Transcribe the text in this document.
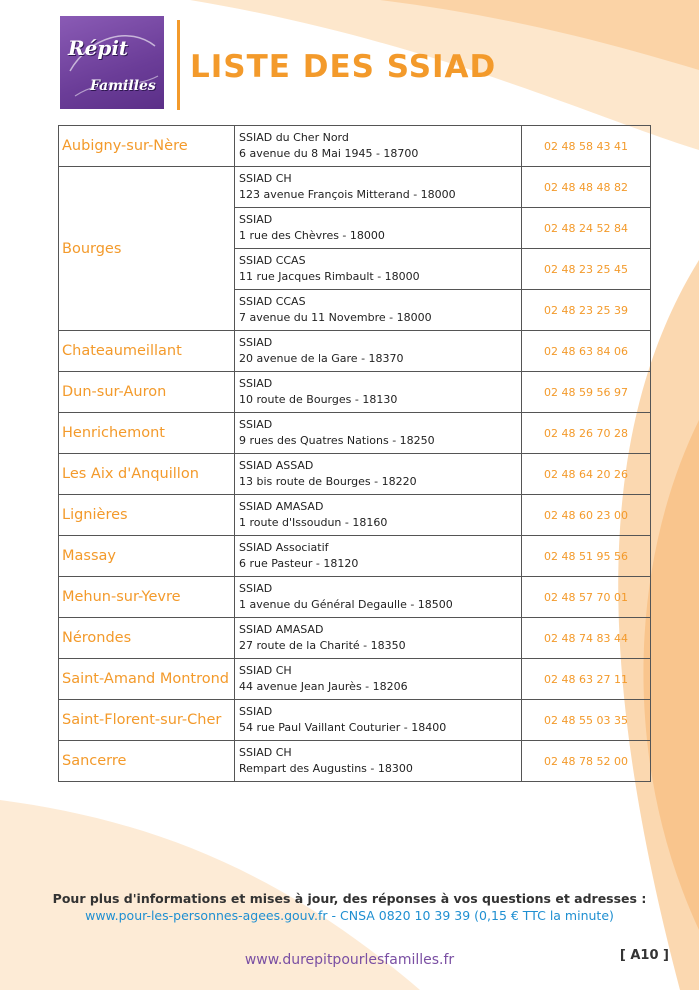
Répit
Familles
LISTE DES SSIAD
Aubigny-sur-Nère	SSIAD du Cher Nord
6 avenue du 8 Mai 1945 - 18700	02 48 58 43 41
Bourges	SSIAD CH
123 avenue François Mitterand - 18000	02 48 48 48 82

	SSIAD
1 rue des Chèvres - 18000	02 48 24 52 84

	SSIAD CCAS
11 rue Jacques Rimbault - 18000	02 48 23 25 45

	SSIAD CCAS
7 avenue du 11 Novembre - 18000	02 48 23 25 39
Chateaumeillant	SSIAD
20 avenue de la Gare - 18370	02 48 63 84 06
Dun-sur-Auron	SSIAD
10 route de Bourges - 18130	02 48 59 56 97
Henrichemont	SSIAD
9 rues des Quatres Nations - 18250	02 48 26 70 28
Les Aix d'Anquillon	SSIAD ASSAD
13 bis route de Bourges - 18220	02 48 64 20 26
Lignières	SSIAD AMASAD
1 route d'Issoudun - 18160	02 48 60 23 00
Massay	SSIAD Associatif
6 rue Pasteur - 18120	02 48 51 95 56
Mehun-sur-Yevre	SSIAD
1 avenue du Général Degaulle - 18500	02 48 57 70 01
Nérondes	SSIAD AMASAD
27 route de la Charité - 18350	02 48 74 83 44
Saint-Amand Montrond	SSIAD CH
44 avenue Jean Jaurès - 18206	02 48 63 27 11
Saint-Florent-sur-Cher	SSIAD
54 rue Paul Vaillant Couturier - 18400	02 48 55 03 35
Sancerre	SSIAD CH
Rempart des Augustins - 18300	02 48 78 52 00
Pour plus d'informations et mises à jour, des réponses à vos questions et adresses :
www.pour-les-personnes-agees.gouv.fr - CNSA 0820 10 39 39 (0,15 € TTC la minute)
www.durepitpourlesfamilles.fr	[ A10 ]
